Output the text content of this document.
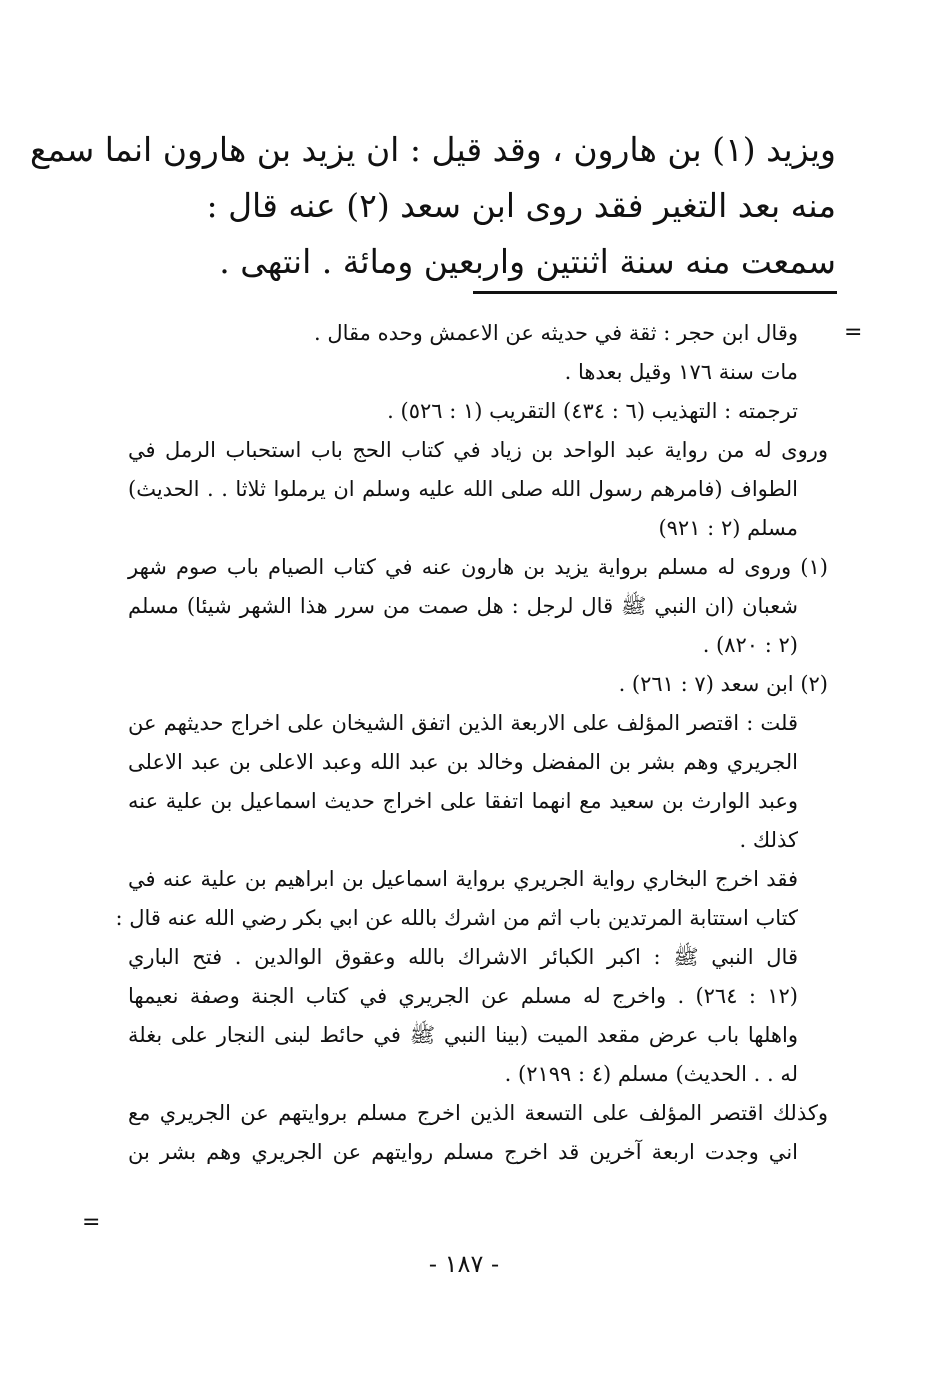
ويزيد (١) بن هارون ، وقد قيل : ان يزيد بن هارون انما سمع

منه بعد التغير فقد روى ابن سعد (٢) عنه قال :

سمعت منه سنة اثنتين واربعين ومائة . انتهى .

=

وقال ابن حجر : ثقة في حديثه عن الاعمش وحده مقال .

مات سنة ١٧٦ وقيل بعدها .

ترجمته : التهذيب (٦ : ٤٣٤) التقريب (١ : ٥٢٦) .

وروى له من رواية عبد الواحد بن زياد في كتاب الحج باب استحباب الرمل في

الطواف (فامرهم رسول الله صلى الله عليه وسلم ان يرملوا ثلاثا . . الحديث)

مسلم (٢ : ٩٢١)

(١) وروى له مسلم برواية يزيد بن هارون عنه في كتاب الصيام باب صوم شهر

شعبان (ان النبي ﷺ قال لرجل : هل صمت من سرر هذا الشهر شيئا) مسلم

(٢ : ٨٢٠) .

(٢) ابن سعد (٧ : ٢٦١) .

قلت : اقتصر المؤلف على الاربعة الذين اتفق الشيخان على اخراج حديثهم عن

الجريري وهم بشر بن المفضل وخالد بن عبد الله وعبد الاعلى بن عبد الاعلى

وعبد الوارث بن سعيد مع انهما اتفقا على اخراج حديث اسماعيل بن علية عنه

كذلك .

فقد اخرج البخاري رواية الجريري برواية اسماعيل بن ابراهيم بن علية عنه في

كتاب استتابة المرتدين باب اثم من اشرك بالله عن ابي بكر رضي الله عنه قال :

قال النبي ﷺ : اكبر الكبائر الاشراك بالله وعقوق الوالدين . فتح الباري

(١٢ : ٢٦٤) . واخرج له مسلم عن الجريري في كتاب الجنة وصفة نعيمها

واهلها باب عرض مقعد الميت (بينا النبي ﷺ في حائط لبنى النجار على بغلة

له . . الحديث) مسلم (٤ : ٢١٩٩) .

وكذلك اقتصر المؤلف على التسعة الذين اخرج مسلم بروايتهم عن الجريري مع

اني وجدت اربعة آخرين قد اخرج مسلم روايتهم عن الجريري وهم بشر بن

=
- ١٨٧ -
